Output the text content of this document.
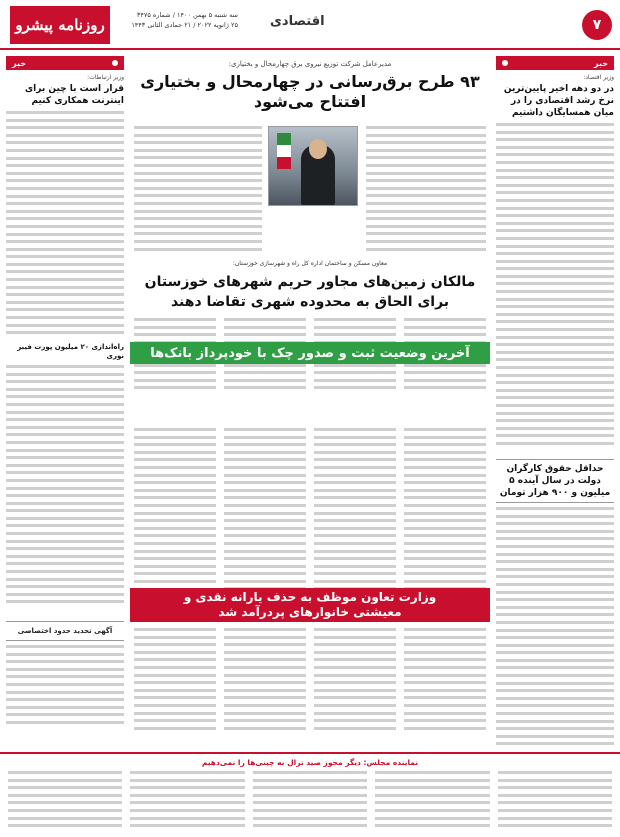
روزنامه پیشرو
سه شنبه ۵ بهمن ۱۴۰۰ / شماره ۳۴۷۵
۲۵ ژانویه ۲۰۲۲ / ۲۱ جمادی الثانی ۱۴۴۳ اقتصادی	۷
خبر
وزیر اقتصاد:
در دو دهه اخیر پایین‌ترین نرخ رشد اقتصادی را در میان همسایگان داشتیم
حداقل حقوق کارگران دولت در سال آینده ۵ میلیون و ۹۰۰ هزار تومان
خبر
وزیر ارتباطات:
قرار است با چین برای اینترنت همکاری کنیم
راه‌اندازی ۲۰ میلیون پورت فیبر نوری
آگهی تحدید حدود اختصاصی
مدیرعامل شرکت توزیع نیروی برق چهارمحال و بختیاری:
۹۳ طرح برق‌رسانی در چهارمحال و بختیاری افتتاح می‌شود
معاون مسکن و ساختمان اداره کل راه و شهرسازی خوزستان:
مالکان زمین‌های مجاور حریم شهرهای خوزستان برای الحاق به محدوده شهری تقاضا دهند
آخرین وضعیت ثبت و صدور چک با خودپرداز بانک‌ها
وزارت تعاون موظف به حذف یارانه نقدی و
معیشتی خانوارهای پردرآمد شد
نماینده مجلس: دیگر مجوز صید ترال به چینی‌ها را نمی‌دهیم
